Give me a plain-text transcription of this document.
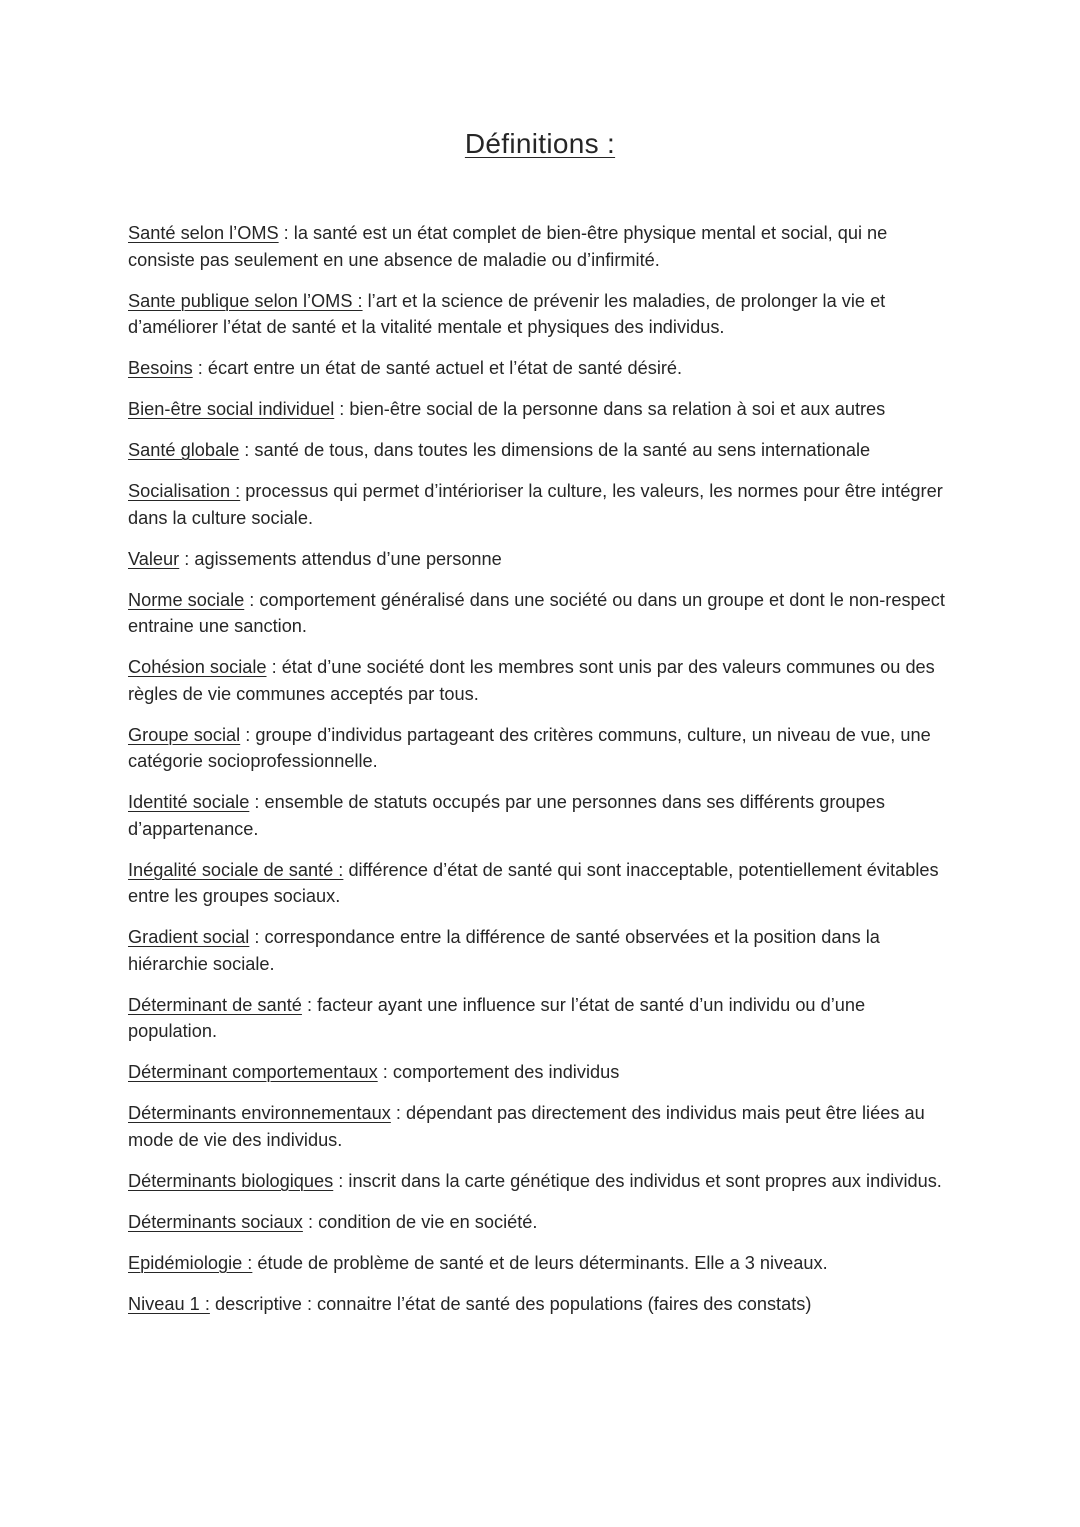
Définitions :
Santé selon l’OMS : la santé est un état complet de bien-être physique mental et social, qui ne consiste pas seulement en une absence de maladie ou d’infirmité.
Sante publique selon l’OMS : l’art et la science de prévenir les maladies, de prolonger la vie et d’améliorer l’état de santé et la vitalité mentale et physiques des individus.
Besoins : écart entre un état de santé actuel et l’état de santé désiré.
Bien-être social individuel : bien-être social de la personne dans sa relation à soi et aux autres
Santé globale : santé de tous, dans toutes les dimensions de la santé au sens internationale
Socialisation : processus qui permet d’intérioriser la culture, les valeurs, les normes pour être intégrer dans la culture sociale.
Valeur : agissements attendus d’une personne
Norme sociale : comportement généralisé dans une société ou dans un groupe et dont le non-respect entraine une sanction.
Cohésion sociale : état d’une société dont les membres sont unis par des valeurs communes ou des règles de vie communes acceptés par tous.
Groupe social : groupe d’individus partageant des critères communs, culture, un niveau de vue, une catégorie socioprofessionnelle.
Identité sociale : ensemble de statuts occupés par une personnes dans ses différents groupes d’appartenance.
Inégalité sociale de santé : différence d’état de santé qui sont inacceptable, potentiellement évitables entre les groupes sociaux.
Gradient social : correspondance entre la différence de santé observées et la position dans la hiérarchie sociale.
Déterminant de santé : facteur ayant une influence sur l’état de santé d’un individu ou d’une population.
Déterminant comportementaux : comportement des individus
Déterminants environnementaux : dépendant pas directement des individus mais peut être liées au mode de vie des individus.
Déterminants biologiques : inscrit dans la carte génétique des individus et sont propres aux individus.
Déterminants sociaux : condition de vie en société.
Epidémiologie : étude de problème de santé et de leurs déterminants. Elle a 3 niveaux.
Niveau 1 : descriptive : connaitre l’état de santé des populations (faires des constats)
